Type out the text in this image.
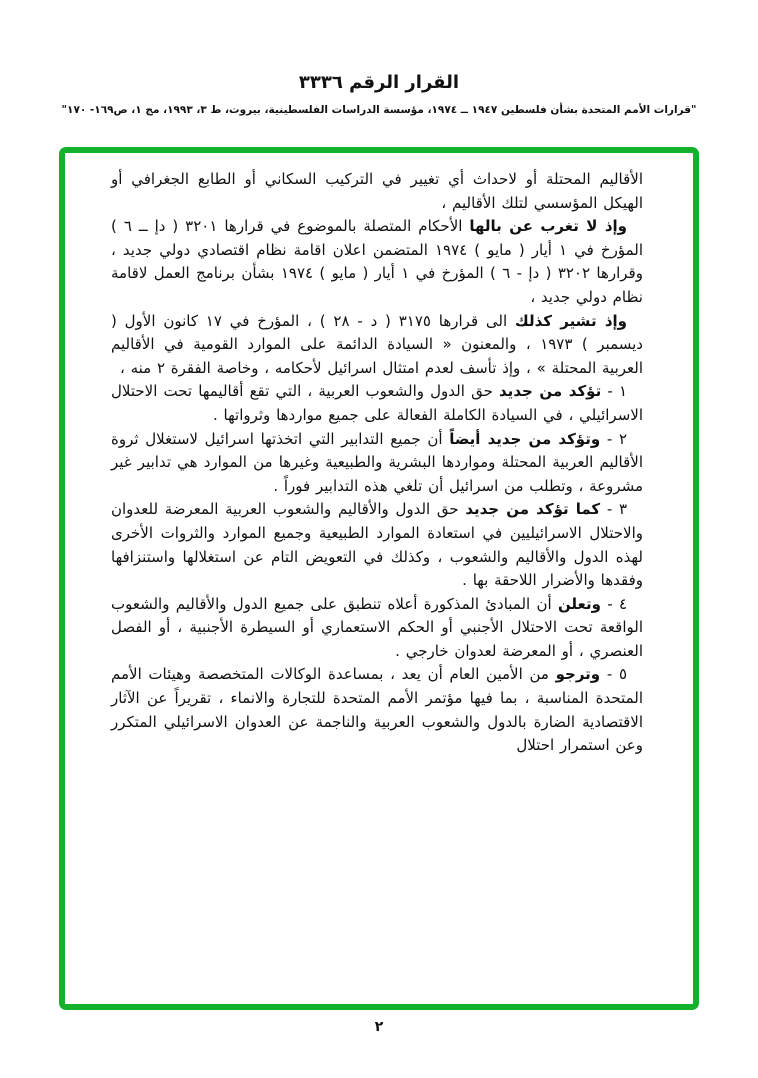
القرار الرقم ٣٣٣٦
"قرارات الأمم المتحدة بشأن فلسطين ١٩٤٧ ــ ١٩٧٤، مؤسسة الدراسات الفلسطينية، بيروت، ط ٣، ١٩٩٣، مج ١، ص١٦٩- ١٧٠"

الأقاليم المحتلة أو لاحداث أي تغيير في التركيب السكاني أو الطابع الجغرافي أو الهيكل المؤسسي لتلك الأقاليم ،

وإذ لا تغرب عن بالها الأحكام المتصلة بالموضوع في قرارها ٣٢٠١ ( دإ ــ ٦ ) المؤرخ في ١ أيار ( مايو ) ١٩٧٤ المتضمن اعلان اقامة نظام اقتصادي دولي جديد ، وقرارها ٣٢٠٢ ( دإ - ٦ ) المؤرخ في ١ أيار ( مايو ) ١٩٧٤ بشأن برنامج العمل لاقامة نظام دولي جديد ،

وإذ تشير كذلك الى قرارها ٣١٧٥ ( د - ٢٨ ) ، المؤرخ في ١٧ كانون الأول ( ديسمبر ) ١٩٧٣ ، والمعنون « السيادة الدائمة على الموارد القومية في الأقاليم العربية المحتلة » ، وإذ تأسف لعدم امتثال اسرائيل لأحكامه ، وخاصة الفقرة ٢ منه ،

١ - تؤكد من جديد حق الدول والشعوب العربية ، التي تقع أقاليمها تحت الاحتلال الاسرائيلي ، في السيادة الكاملة الفعالة على جميع مواردها وثرواتها .

٢ - وتؤكد من جديد أيضاً أن جميع التدابير التي اتخذتها اسرائيل لاستغلال ثروة الأقاليم العربية المحتلة ومواردها البشرية والطبيعية وغيرها من الموارد هي تدابير غير مشروعة ، وتطلب من اسرائيل أن تلغي هذه التدابير فوراً .

٣ - كما تؤكد من جديد حق الدول والأقاليم والشعوب العربية المعرضة للعدوان والاحتلال الاسرائيليين في استعادة الموارد الطبيعية وجميع الموارد والثروات الأخرى لهذه الدول والأقاليم والشعوب ، وكذلك في التعويض التام عن استغلالها واستنزافها وفقدها والأضرار اللاحقة بها .

٤ - وتعلن أن المبادئ المذكورة أعلاه تنطبق على جميع الدول والأقاليم والشعوب الواقعة تحت الاحتلال الأجنبي أو الحكم الاستعماري أو السيطرة الأجنبية ، أو الفصل العنصري ، أو المعرضة لعدوان خارجي .

٥ - وترجو من الأمين العام أن يعد ، بمساعدة الوكالات المتخصصة وهيئات الأمم المتحدة المناسبة ، بما فيها مؤتمر الأمم المتحدة للتجارة والانماء ، تقريراً عن الآثار الاقتصادية الضارة بالدول والشعوب العربية والناجمة عن العدوان الاسرائيلي المتكرر وعن استمرار احتلال

٢
